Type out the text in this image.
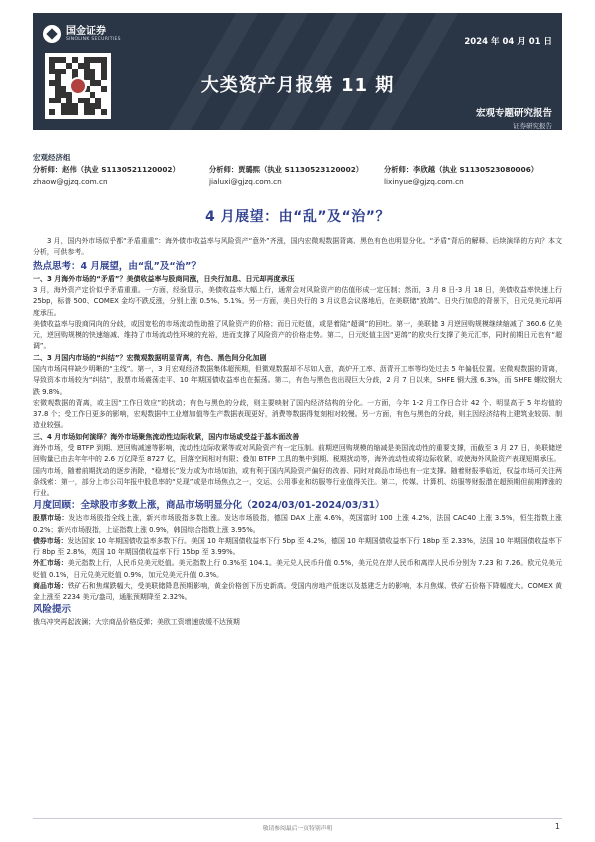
国金证券
SINOLINK SECURITIES	2024 年 04 月 01 日
大类资产月报第 11 期
宏观专题研究报告
证券研究报告
宏观经济组
分析师：赵伟（执业 S1130521120002）
zhaow@gjzq.com.cn
分析师：贾璐熙（执业 S1130523120002）
jialuxi@gjzq.com.cn
分析师：李欣越（执业 S1130523080006）
lixinyue@gjzq.com.cn
4 月展望：由“乱”及“治”？
3 月，国内外市场似乎都“矛盾重重”：海外债市收益率与风险资产“意外”齐涨，国内宏微观数据背离、黑色有色也明显分化。“矛盾”背后的解释、后续演绎的方向？本文分析，可供参考。
热点思考：4 月展望，由“乱”及“治”？
一、3 月海外市场的“矛盾”？美债收益率与股商同涨，日央行加息、日元却再度承压
3 月，海外资产定价似乎矛盾重重。一方面，经验显示，美债收益率大幅上行，通常会对风险资产的估值形成一定压制；然而，3 月 8 日-3 月 18 日，美债收益率快速上行 25bp，标普 500、COMEX 金均不跌反涨，分别上涨 0.5%、5.1%。另一方面，美日央行的 3 月议息会议落地后，在美联储“放鸽”、日央行加息的背景下，日元兑美元却再度承压。
美债收益率与股商同向的分歧，或因宽松的市场流动性助推了风险资产的价格；而日元贬值，或是着陆“超调”的回吐。第一，美联储 3 月逆回购规模继续缩减了 360.6 亿美元，逆回购规模的快速缩减、维持了市场流动性环境的充裕，进而支撑了风险资产的价格走势。第二，日元贬值主因“更鸽”的欧央行支撑了美元汇率，同时前期日元也有“超调”。
二、3 月国内市场的“纠结”？宏微观数据明显背离，有色、黑色间分化加剧
国内市场同样缺少明晰的“主线”。第一，3 月宏观经济数据集体超预期，但微观数据却不尽如人意，高炉开工率、沥青开工率等均处过去 5 年偏低位置。宏微观数据的背离，导致资本市场较为“纠结”，股票市场震荡走平、10 年期国债收益率也在振荡。第二，有色与黑色也出现巨大分歧，2 月 7 日以来，SHFE 铜大涨 6.3%，而 SHFE 螺纹钢大跌 9.8%。
宏微观数据的背离，或主因“工作日效应”的扰动；有色与黑色的分歧，则主要映射了国内经济结构的分化。一方面，今年 1-2 月工作日合计 42 个、明显高于 5 年均值的 37.8 个；受工作日更多的影响，宏观数据中工业增加值等生产数据表现更好，消费等数据得复刻相对较慢。另一方面，有色与黑色的分歧，则主因经济结构上建筑业较弱、制造业较强。
三、4 月市场如何演绎？海外市场聚焦流动性边际收紧，国内市场或受益于基本面改善
海外市场，受 BTFP 到期、逆回购减速等影响，流动性边际收紧等或对风险资产有一定压制。前期逆回购规模的缩减是美国流动性的重要支撑，而截至 3 月 27 日，美联储逆回购量已由去年年中的 2.6 万亿降至 8727 亿，回落空间相对有限；叠加 BTFP 工具的集中到期、税期扰动等，海外流动性或将边际收紧，或使海外风险资产表现短期承压。
国内市场，随着前期扰动的逐步消除，“稳增长”发力或为市场加油，或有利于国内风险资产偏好的改善、同时对商品市场也有一定支撑。随着财报季临近，权益市场可关注两条线索：第一，部分上市公司年报中股息率的“兑现”或是市场焦点之一，交运、公用事业和纺服等行业值得关注。第二，传媒、计算机、纺服等财报潜在超预期但前期滞涨的行业。
月度回顾：全球股市多数上涨，商品市场明显分化（2024/03/01-2024/03/31）
股票市场：发达市场股指全线上涨，新兴市场股指多数上涨。发达市场股指，德国 DAX 上涨 4.6%，英国富时 100 上涨 4.2%，法国 CAC40 上涨 3.5%，恒生指数上涨 0.2%；新兴市场股指，上证指数上涨 0.9%，韩国综合指数上涨 3.95%。
债券市场：发达国家 10 年期国债收益率多数下行。美国 10 年期国债收益率下行 5bp 至 4.2%，德国 10 年期国债收益率下行 18bp 至 2.33%，法国 10 年期国债收益率下行 8bp 至 2.8%，英国 10 年期国债收益率下行 15bp 至 3.99%。
外汇市场：美元指数上行，人民币兑美元贬值。美元指数上行 0.3%至 104.1。美元兑人民币升值 0.5%，美元兑在岸人民币和离岸人民币分别为 7.23 和 7.26。欧元兑美元贬值 0.1%，日元兑美元贬值 0.9%，加元兑美元升值 0.3%。
商品市场：铁矿石和焦煤跌幅大，受美联储降息预期影响，黄金价格创下历史新高。受国内房地产低迷以及基建乏力的影响，本月焦煤、铁矿石价格下降幅度大。COMEX 黄金上涨至 2234 美元/盎司，通胀预期降至 2.32%。
风险提示
俄乌冲突再起波澜；大宗商品价格反弹；美欧工资增速放缓不达预期
敬请参阅最后一页特别声明	1
